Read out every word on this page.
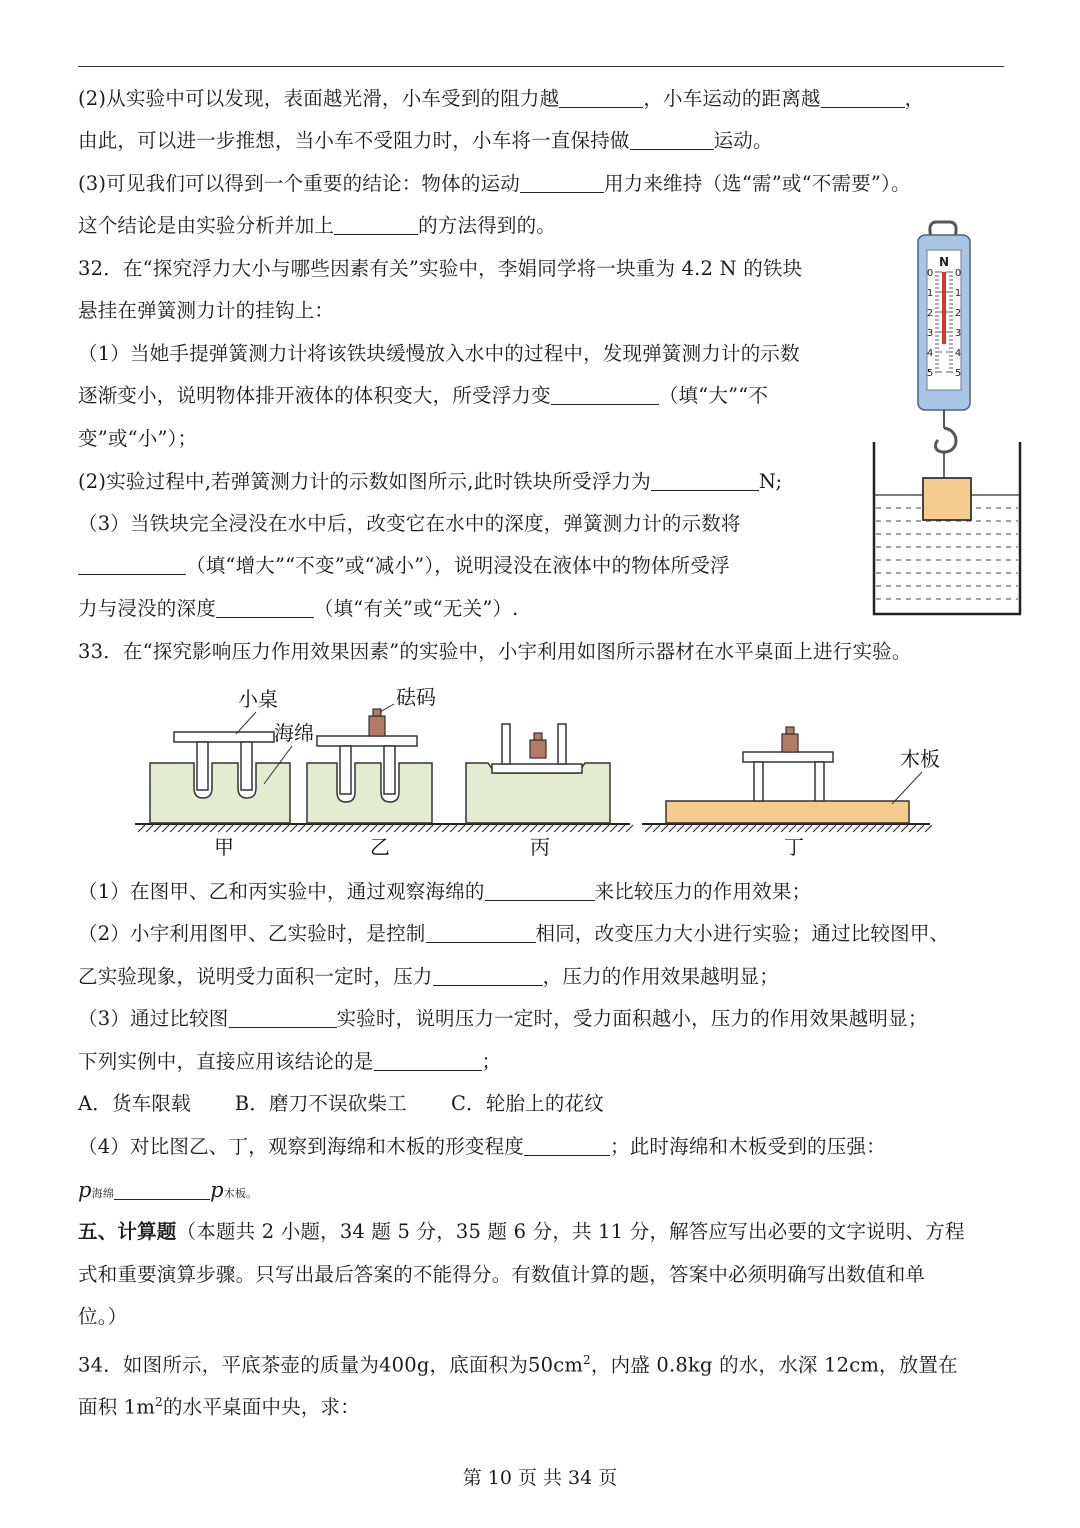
(2)从实验中可以发现，表面越光滑，小车受到的阻力越	，小车运动的距离越	，
由此，可以进一步推想，当小车不受阻力时，小车将一直保持做	运动。
(3)可见我们可以得到一个重要的结论：物体的运动	用力来维持（选“需”或“不需要”）。
这个结论是由实验分析并加上	的方法得到的。
32．在“探究浮力大小与哪些因素有关”实验中，李娟同学将一块重为 4.2 N 的铁块
悬挂在弹簧测力计的挂钩上：
（1）当她手提弹簧测力计将该铁块缓慢放入水中的过程中，发现弹簧测力计的示数
逐渐变小，说明物体排开液体的体积变大，所受浮力变	（填“大”“不
变”或“小”）；
(2)实验过程中,若弹簧测力计的示数如图所示,此时铁块所受浮力为	N;
（3）当铁块完全浸没在水中后，改变它在水中的深度，弹簧测力计的示数将
（填“增大”“不变”或“减小”），说明浸没在液体中的物体所受浮
力与浸没的深度	（填“有关”或“无关”）.
N
0 0
1 1
2 2
3 3
4 4
5 5
33．在“探究影响压力作用效果因素”的实验中，小宇利用如图所示器材在水平桌面上进行实验。
小桌
海绵
砝码
木板
甲	乙	丙	丁
（1）在图甲、乙和丙实验中，通过观察海绵的	来比较压力的作用效果；
（2）小宇利用图甲、乙实验时，是控制	相同，改变压力大小进行实验；通过比较图甲、
乙实验现象，说明受力面积一定时，压力	，压力的作用效果越明显；
（3）通过比较图	实验时，说明压力一定时，受力面积越小，压力的作用效果越明显；
下列实例中，直接应用该结论的是	；
A．货车限载 B．磨刀不误砍柴工 C．轮胎上的花纹
（4）对比图乙、丁，观察到海绵和木板的形变程度	；此时海绵和木板受到的压强：
p海绵	p木板。
五、计算题（本题共 2 小题，34 题 5 分，35 题 6 分，共 11 分，解答应写出必要的文字说明、方程
式和重要演算步骤。只写出最后答案的不能得分。有数值计算的题，答案中必须明确写出数值和单
位。）
34．如图所示，平底茶壶的质量为400g，底面积为$50cm^2$，内盛 0.8kg 的水，水深 12cm，放置在
面积 $1m^2$的水平桌面中央，求：
第 10 页 共 34 页
